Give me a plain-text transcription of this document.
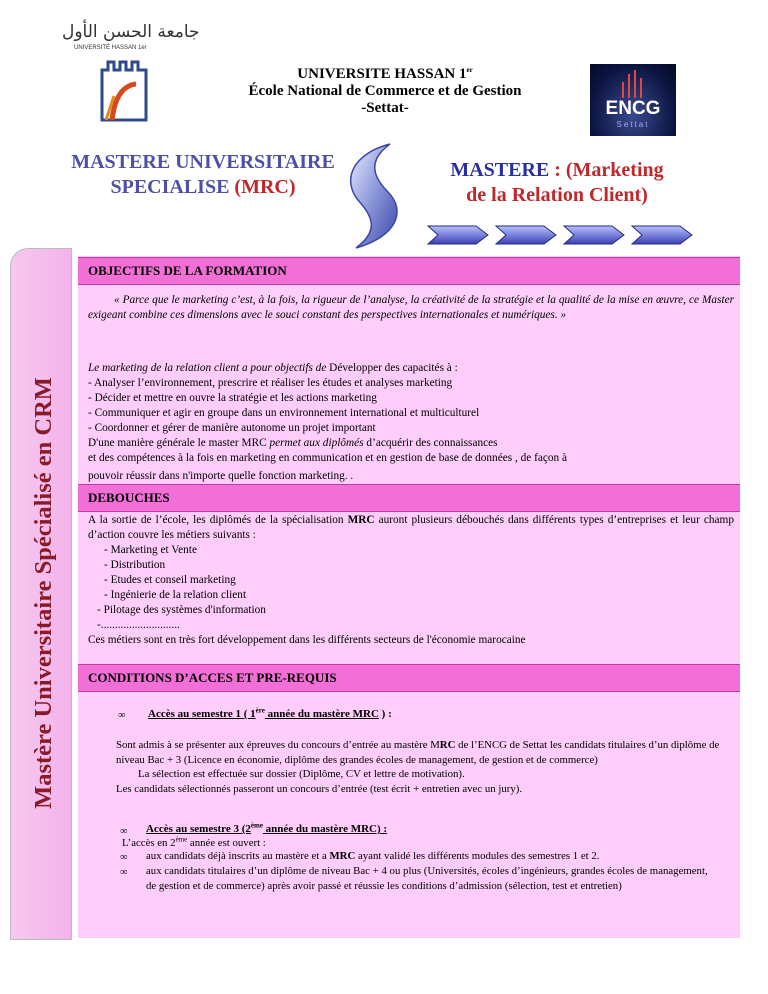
جامعة الحسن الأول
UNIVERSITÉ HASSAN 1er
UNIVERSITE HASSAN 1er
École National de Commerce et de Gestion
-Settat-	ENCG
Settat
MASTERE UNIVERSITAIRE
SPECIALISE (MRC)
MASTERE : (Marketing
de la Relation Client)
Mastère Universitaire Spécialisé en CRM
OBJECTIFS DE LA FORMATION
« Parce que le marketing c’est, à la fois, la rigueur de l’analyse, la créativité de la stratégie et la qualité de la mise en œuvre, ce Master exigeant combine ces dimensions avec le souci constant des perspectives internationales et numériques. »
Le marketing de la relation client a pour objectifs de Développer des capacités à :
- Analyser l’environnement, prescrire et réaliser les études et analyses marketing
- Décider et mettre en ouvre la stratégie et les actions marketing
- Communiquer et agir en groupe dans un environnement international et multiculturel
- Coordonner et gérer de manière autonome un projet important
D'une manière générale le master MRC permet aux diplômés d’acquérir des connaissances
et des compétences à la fois en marketing en communication et en gestion de base de données , de façon à
pouvoir réussir dans n'importe quelle fonction marketing. .
DEBOUCHES
A la sortie de l’école, les diplômés de la spécialisation MRC auront plusieurs débouchés dans différents types d’entreprises et leur champ d’action couvre les métiers suivants :
- Marketing et Vente
- Distribution
- Etudes et conseil marketing
- Ingénierie de la relation client
- Pilotage des systèmes d'information
-............................
Ces métiers sont en très fort développement dans les différents secteurs de l'économie marocaine
CONDITIONS D’ACCES ET PRE-REQUIS
∞ Accès au semestre 1 ( 1ère année du mastère MRC ) :
Sont admis à se présenter aux épreuves du concours d’entrée au mastère MRC de l’ENCG de Settat les candidats titulaires d’un diplôme de niveau Bac + 3 (Licence en économie, diplôme des grandes écoles de management, de gestion et de commerce)
La sélection est effectuée sur dossier (Diplôme, CV et lettre de motivation).
Les candidats sélectionnés passeront un concours d’entrée (test écrit + entretien avec un jury).
∞ Accès au semestre 3 (2ème année du mastère MRC) :
L’accès en 2ème année est ouvert :
∞ aux candidats déjà inscrits au mastère et a MRC ayant validé les différents modules des semestres 1 et 2.
∞ aux candidats titulaires d’un diplôme de niveau Bac + 4 ou plus (Universités, écoles d’ingénieurs, grandes écoles de management, de gestion et de commerce) après avoir passé et réussie les conditions d’admission (sélection, test et entretien)
